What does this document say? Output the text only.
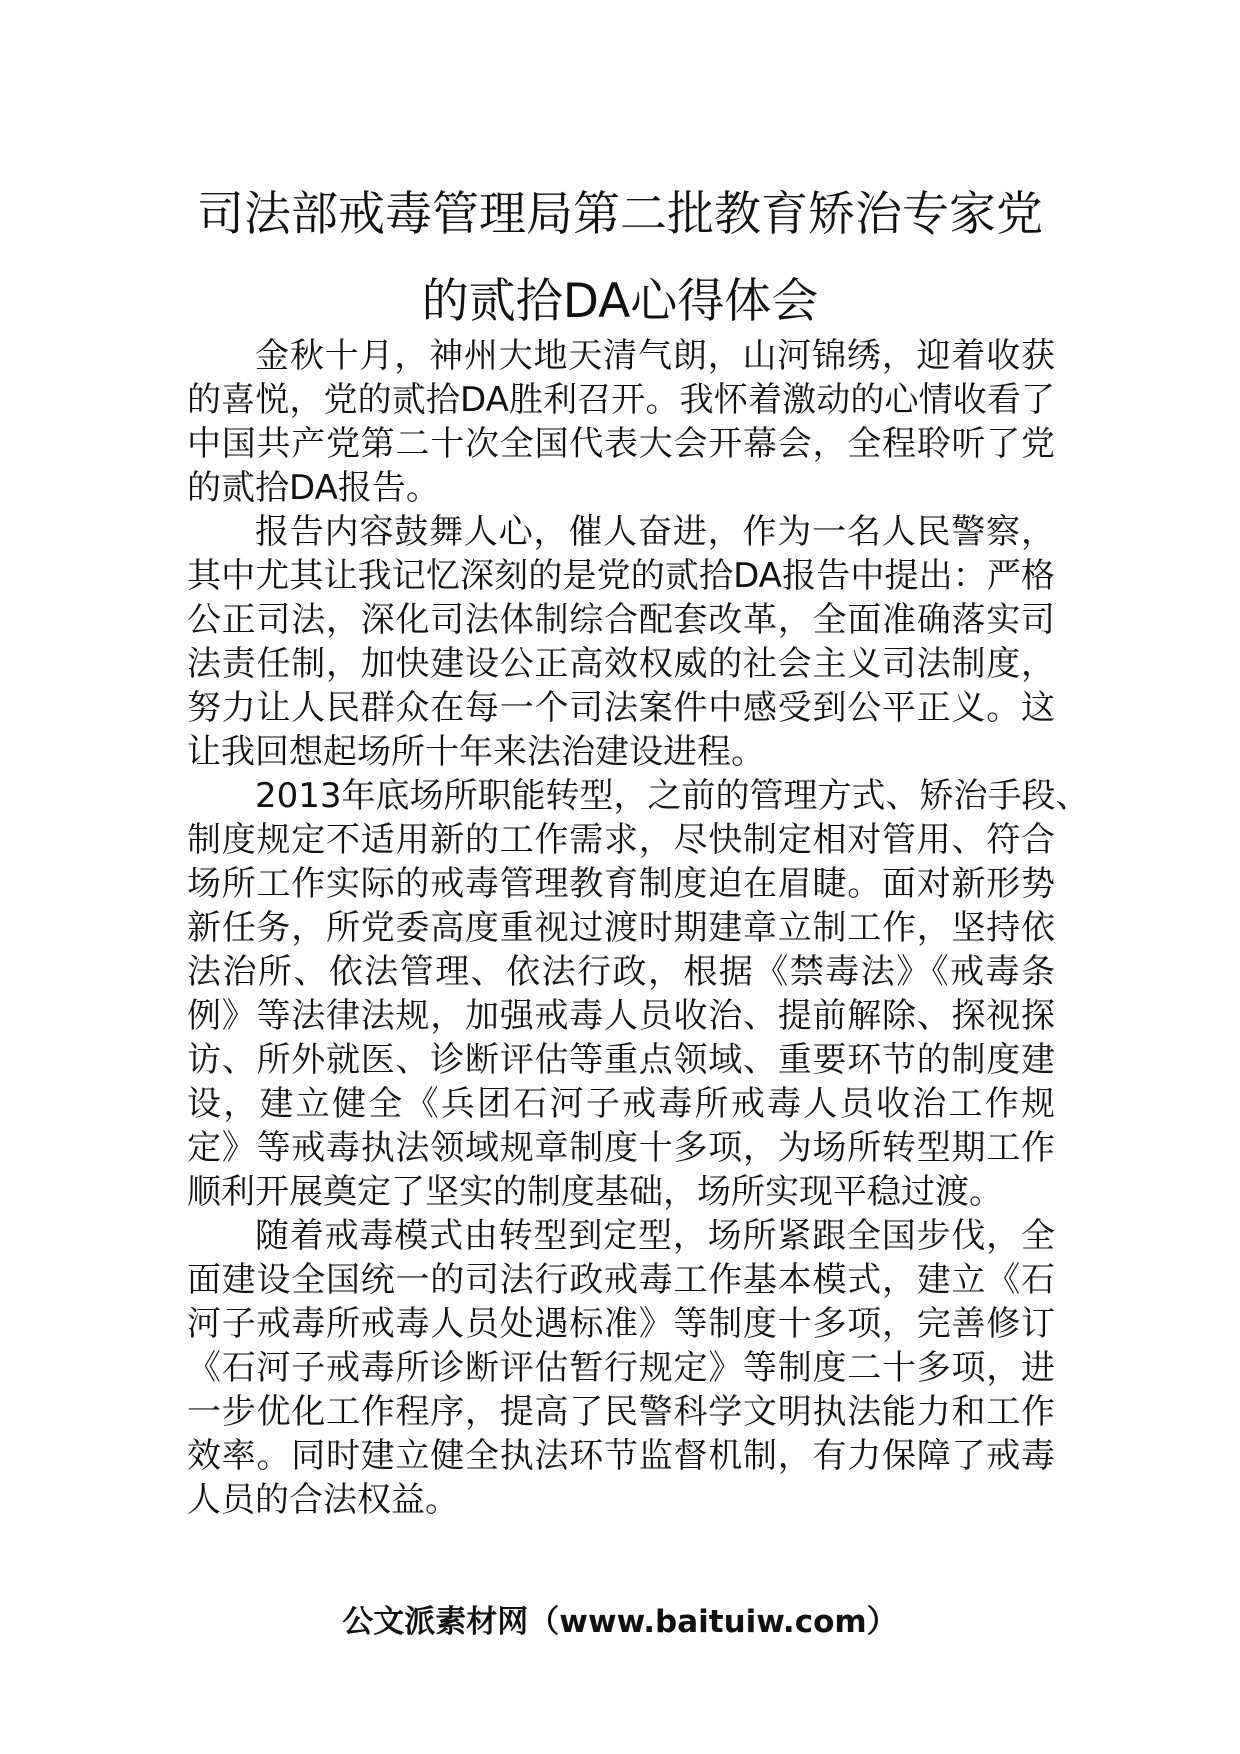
司法部戒毒管理局第二批教育矫治专家党
的贰拾DA心得体会
金秋十月，神州大地天清气朗，山河锦绣，迎着收获
的喜悦，党的贰拾DA胜利召开。我怀着激动的心情收看了
中国共产党第二十次全国代表大会开幕会，全程聆听了党
的贰拾DA报告。
报告内容鼓舞人心，催人奋进，作为一名人民警察，
其中尤其让我记忆深刻的是党的贰拾DA报告中提出：严格
公正司法，深化司法体制综合配套改革，全面准确落实司
法责任制，加快建设公正高效权威的社会主义司法制度，
努力让人民群众在每一个司法案件中感受到公平正义。这
让我回想起场所十年来法治建设进程。
2013年底场所职能转型，之前的管理方式、矫治手段、
制度规定不适用新的工作需求，尽快制定相对管用、符合
场所工作实际的戒毒管理教育制度迫在眉睫。面对新形势
新任务，所党委高度重视过渡时期建章立制工作，坚持依
法治所、依法管理、依法行政，根据《禁毒法》《戒毒条
例》等法律法规，加强戒毒人员收治、提前解除、探视探
访、所外就医、诊断评估等重点领域、重要环节的制度建
设，建立健全《兵团石河子戒毒所戒毒人员收治工作规
定》等戒毒执法领域规章制度十多项，为场所转型期工作
顺利开展奠定了坚实的制度基础，场所实现平稳过渡。
随着戒毒模式由转型到定型，场所紧跟全国步伐，全
面建设全国统一的司法行政戒毒工作基本模式，建立《石
河子戒毒所戒毒人员处遇标准》等制度十多项，完善修订
《石河子戒毒所诊断评估暂行规定》等制度二十多项，进
一步优化工作程序，提高了民警科学文明执法能力和工作
效率。同时建立健全执法环节监督机制，有力保障了戒毒
人员的合法权益。
公文派素材网（www.baituiw.com）
